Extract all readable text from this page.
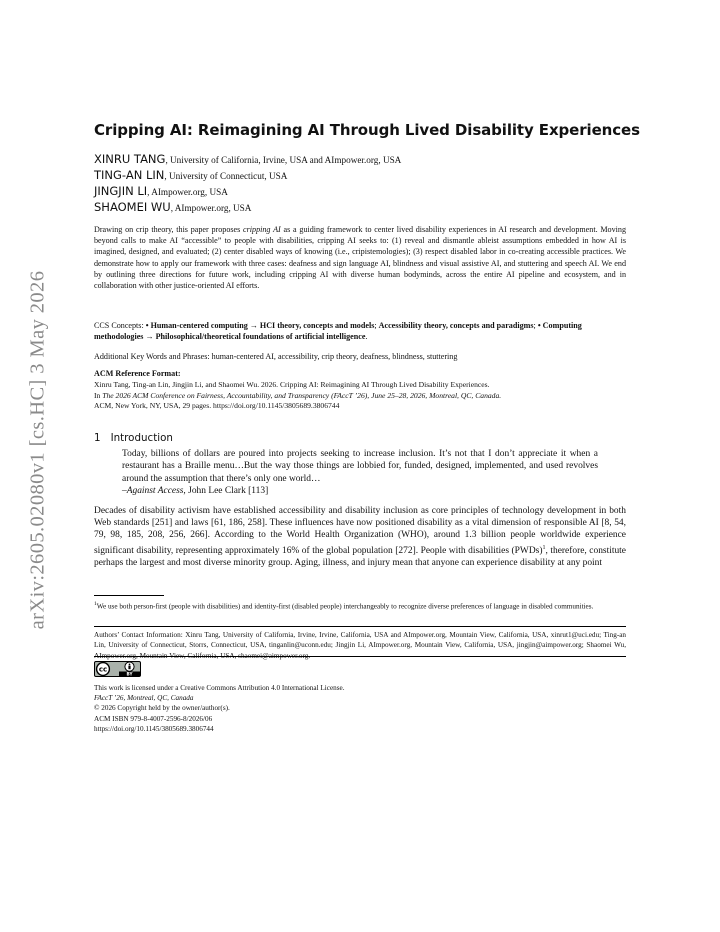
arXiv:2605.02080v1 [cs.HC] 3 May 2026
Cripping AI: Reimagining AI Through Lived Disability Experiences
XINRU TANG, University of California, Irvine, USA and AImpower.org, USA
TING-AN LIN, University of Connecticut, USA
JINGJIN LI, AImpower.org, USA
SHAOMEI WU, AImpower.org, USA
Drawing on crip theory, this paper proposes cripping AI as a guiding framework to center lived disability experiences in AI research and development. Moving beyond calls to make AI “accessible” to people with disabilities, cripping AI seeks to: (1) reveal and dismantle ableist assumptions embedded in how AI is imagined, designed, and evaluated; (2) center disabled ways of knowing (i.e., cripistemologies); (3) respect disabled labor in co-creating accessible practices. We demonstrate how to apply our framework with three cases: deafness and sign language AI, blindness and visual assistive AI, and stuttering and speech AI. We end by outlining three directions for future work, including cripping AI with diverse human bodyminds, across the entire AI pipeline and ecosystem, and in collaboration with other justice-oriented AI efforts.
CCS Concepts: • Human-centered computing → HCI theory, concepts and models; Accessibility theory, concepts and paradigms; • Computing methodologies → Philosophical/theoretical foundations of artificial intelligence.
Additional Key Words and Phrases: human-centered AI, accessibility, crip theory, deafness, blindness, stuttering
ACM Reference Format:
Xinru Tang, Ting-an Lin, Jingjin Li, and Shaomei Wu. 2026. Cripping AI: Reimagining AI Through Lived Disability Experiences.
In The 2026 ACM Conference on Fairness, Accountability, and Transparency (FAccT ’26), June 25–28, 2026, Montreal, QC, Canada.
ACM, New York, NY, USA, 29 pages. https://doi.org/10.1145/3805689.3806744
1 Introduction
Today, billions of dollars are poured into projects seeking to increase inclusion. It’s not that I don’t appreciate it when a restaurant has a Braille menu…But the way those things are lobbied for, funded, designed, implemented, and used revolves around the assumption that there’s only one world…
–Against Access, John Lee Clark [113]
Decades of disability activism have established accessibility and disability inclusion as core principles of technology development in both Web standards [251] and laws [61, 186, 258]. These influences have now positioned disability as a vital dimension of responsible AI [8, 54, 79, 98, 185, 208, 256, 266]. According to the World Health Organization (WHO), around 1.3 billion people worldwide experience significant disability, representing approximately 16% of the global population [272]. People with disabilities (PWDs)$^1$, therefore, constitute perhaps the largest and most diverse minority group. Aging, illness, and injury mean that anyone can experience disability at any point
$^1$We use both person-first (people with disabilities) and identity-first (disabled people) interchangeably to recognize diverse preferences of language in disabled communities.
Authors’ Contact Information: Xinru Tang, University of California, Irvine, Irvine, California, USA and AImpower.org, Mountain View, California, USA, xinrut1@uci.edu; Ting-an Lin, University of Connecticut, Storrs, Connecticut, USA, tinganlin@uconn.edu; Jingjin Li, AImpower.org, Mountain View, California, USA, jingjin@aimpower.org; Shaomei Wu, AImpower.org, Mountain View, California, USA, shaomei@aimpower.org.
cc
BY
This work is licensed under a Creative Commons Attribution 4.0 International License.
FAccT ’26, Montreal, QC, Canada
© 2026 Copyright held by the owner/author(s).
ACM ISBN 979-8-4007-2596-8/2026/06
https://doi.org/10.1145/3805689.3806744
